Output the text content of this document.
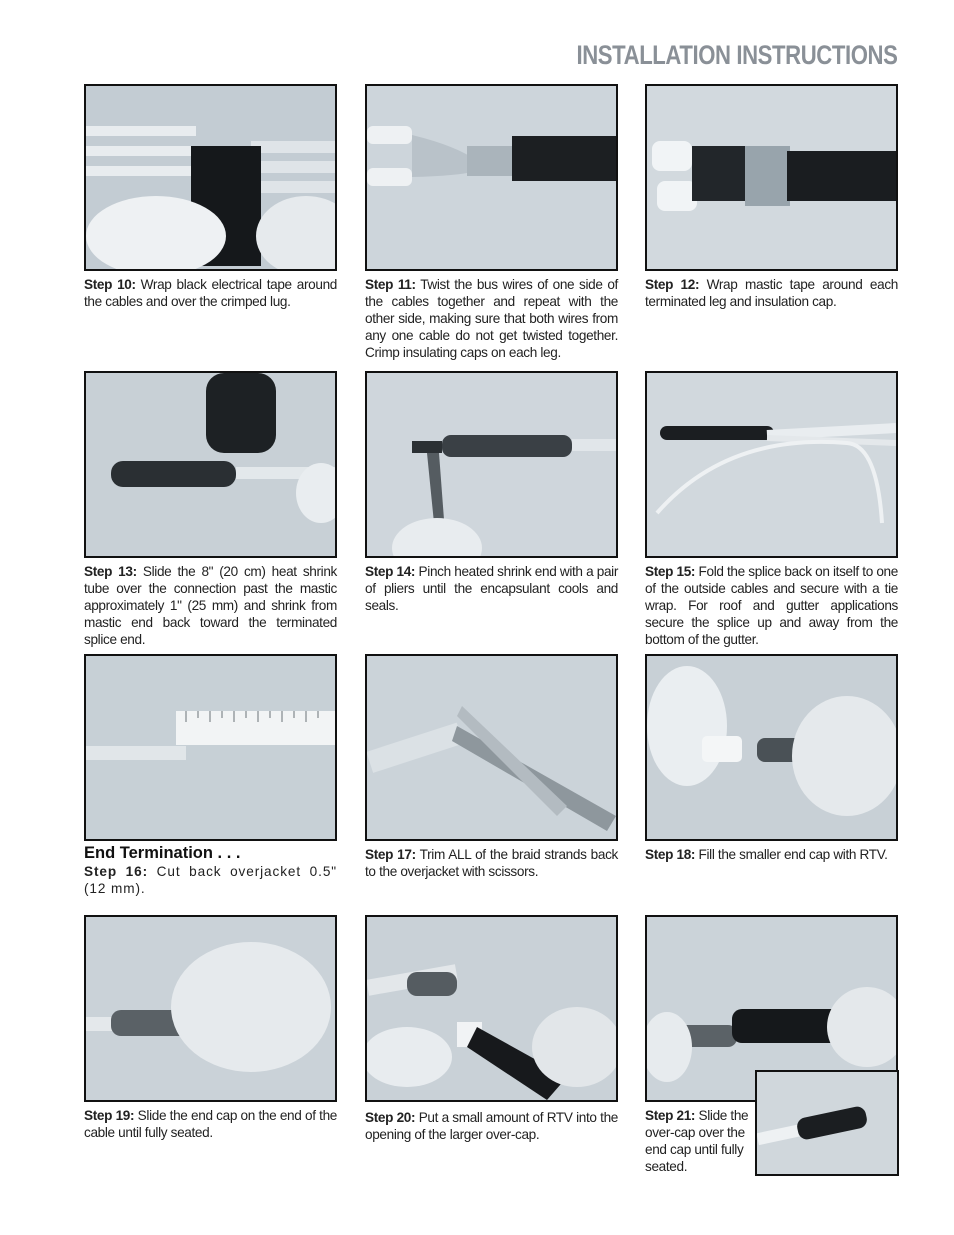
INSTALLATION INSTRUCTIONS
Step 10: Wrap black electrical tape around the cables and over the crimped lug.
Step 11: Twist the bus wires of one side of the cables together and repeat with the other side, making sure that both wires from any one cable do not get twisted together. Crimp insulating caps on each leg.
Step 12: Wrap mastic tape around each terminated leg and insulation cap.
Step 13: Slide the 8" (20 cm) heat shrink tube over the connection past the mastic approximately 1" (25 mm) and shrink from mastic end back toward the terminated splice end.
Step 14: Pinch heated shrink end with a pair of pliers until the encapsulant cools and seals.
Step 15: Fold the splice back on itself to one of the outside cables and secure with a tie wrap. For roof and gutter applications secure the splice up and away from the bottom of the gutter.
End Termination . . .
Step 16: Cut back overjacket 0.5" (12 mm).
Step 17: Trim ALL of the braid strands back to the overjacket with scissors.
Step 18: Fill the smaller end cap with RTV.
Step 19: Slide the end cap on the end of the cable until fully seated.
Step 20: Put a small amount of RTV into the opening of the larger over-cap.
Step 21: Slide the over-cap over the end cap until fully seated.
